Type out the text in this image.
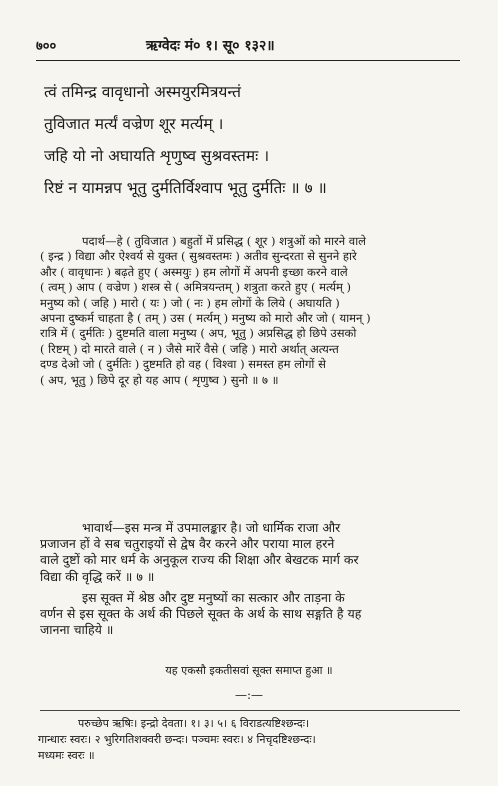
७००	ऋग्वेदः मं० १। सू० १३२॥
त्वं तमिन्द्र वावृधानो अस्मयुरमित्रयन्तं
तुविजात मर्त्यं वज्रेण शूर मर्त्यम् ।
जहि यो नो अघायति शृणुष्व सुश्रवस्तमः ।
रिष्टं न यामन्नप भूतु दुर्मतिर्विश्वाप भूतु दुर्मतिः ॥ ७ ॥
पदार्थ—हे ( तुविजात ) बहुतों में प्रसिद्ध ( शूर ) शत्रुओं को मारने वाले
( इन्द्र ) विद्या और ऐश्वर्य से युक्त ( सुश्रवस्तमः ) अतीव सुन्दरता से सुनने हारे
और ( वावृधानः ) बढ़ते हुए ( अस्मयुः ) हम लोगों में अपनी इच्छा करने वाले
( त्वम् ) आप ( वज्रेण ) शस्त्र से ( अमित्रयन्तम् ) शत्रुता करते हुए ( मर्त्यम् )
मनुष्य को ( जहि ) मारो ( यः ) जो ( नः ) हम लोगों के लिये ( अघायति )
अपना दुष्कर्म चाहता है ( तम् ) उस ( मर्त्यम् ) मनुष्य को मारो और जो ( यामन् )
रात्रि में ( दुर्मतिः ) दुष्टमति वाला मनुष्य ( अप, भूतु ) अप्रसिद्ध हो छिपे उसको
( रिष्टम् ) दो मारते वाले ( न ) जैसे मारें वैसे ( जहि ) मारो अर्थात् अत्यन्त
दण्ड देओ जो ( दुर्मतिः ) दुष्टमति हो वह ( विश्वा ) समस्त हम लोगों से
( अप, भूतु ) छिपे दूर हो यह आप ( शृणुष्व ) सुनो ॥ ७ ॥
भावार्थ—इस मन्त्र में उपमालङ्कार है। जो धार्मिक राजा और
प्रजाजन हों वे सब चतुराइयों से द्वेष वैर करने और पराया माल हरने
वाले दुष्टों को मार धर्म के अनुकूल राज्य की शिक्षा और बेखटक मार्ग कर
विद्या की वृद्धि करें ॥ ७ ॥
इस सूक्त में श्रेष्ठ और दुष्ट मनुष्यों का सत्कार और ताड़ना के
वर्णन से इस सूक्त के अर्थ की पिछले सूक्त के अर्थ के साथ सङ्गति है यह
जानना चाहिये ॥
यह एकसौ इकतीसवां सूक्त समाप्त हुआ ॥
—:—
परुच्छेप ऋषिः। इन्द्रो देवता। १। ३। ५। ६ विराडत्यष्टिश्छन्दः।
गान्धारः स्वरः। २ भुरिगतिशक्वरी छन्दः। पञ्चमः स्वरः। ४ निचृदष्टिश्छन्दः।
मध्यमः स्वरः ॥
